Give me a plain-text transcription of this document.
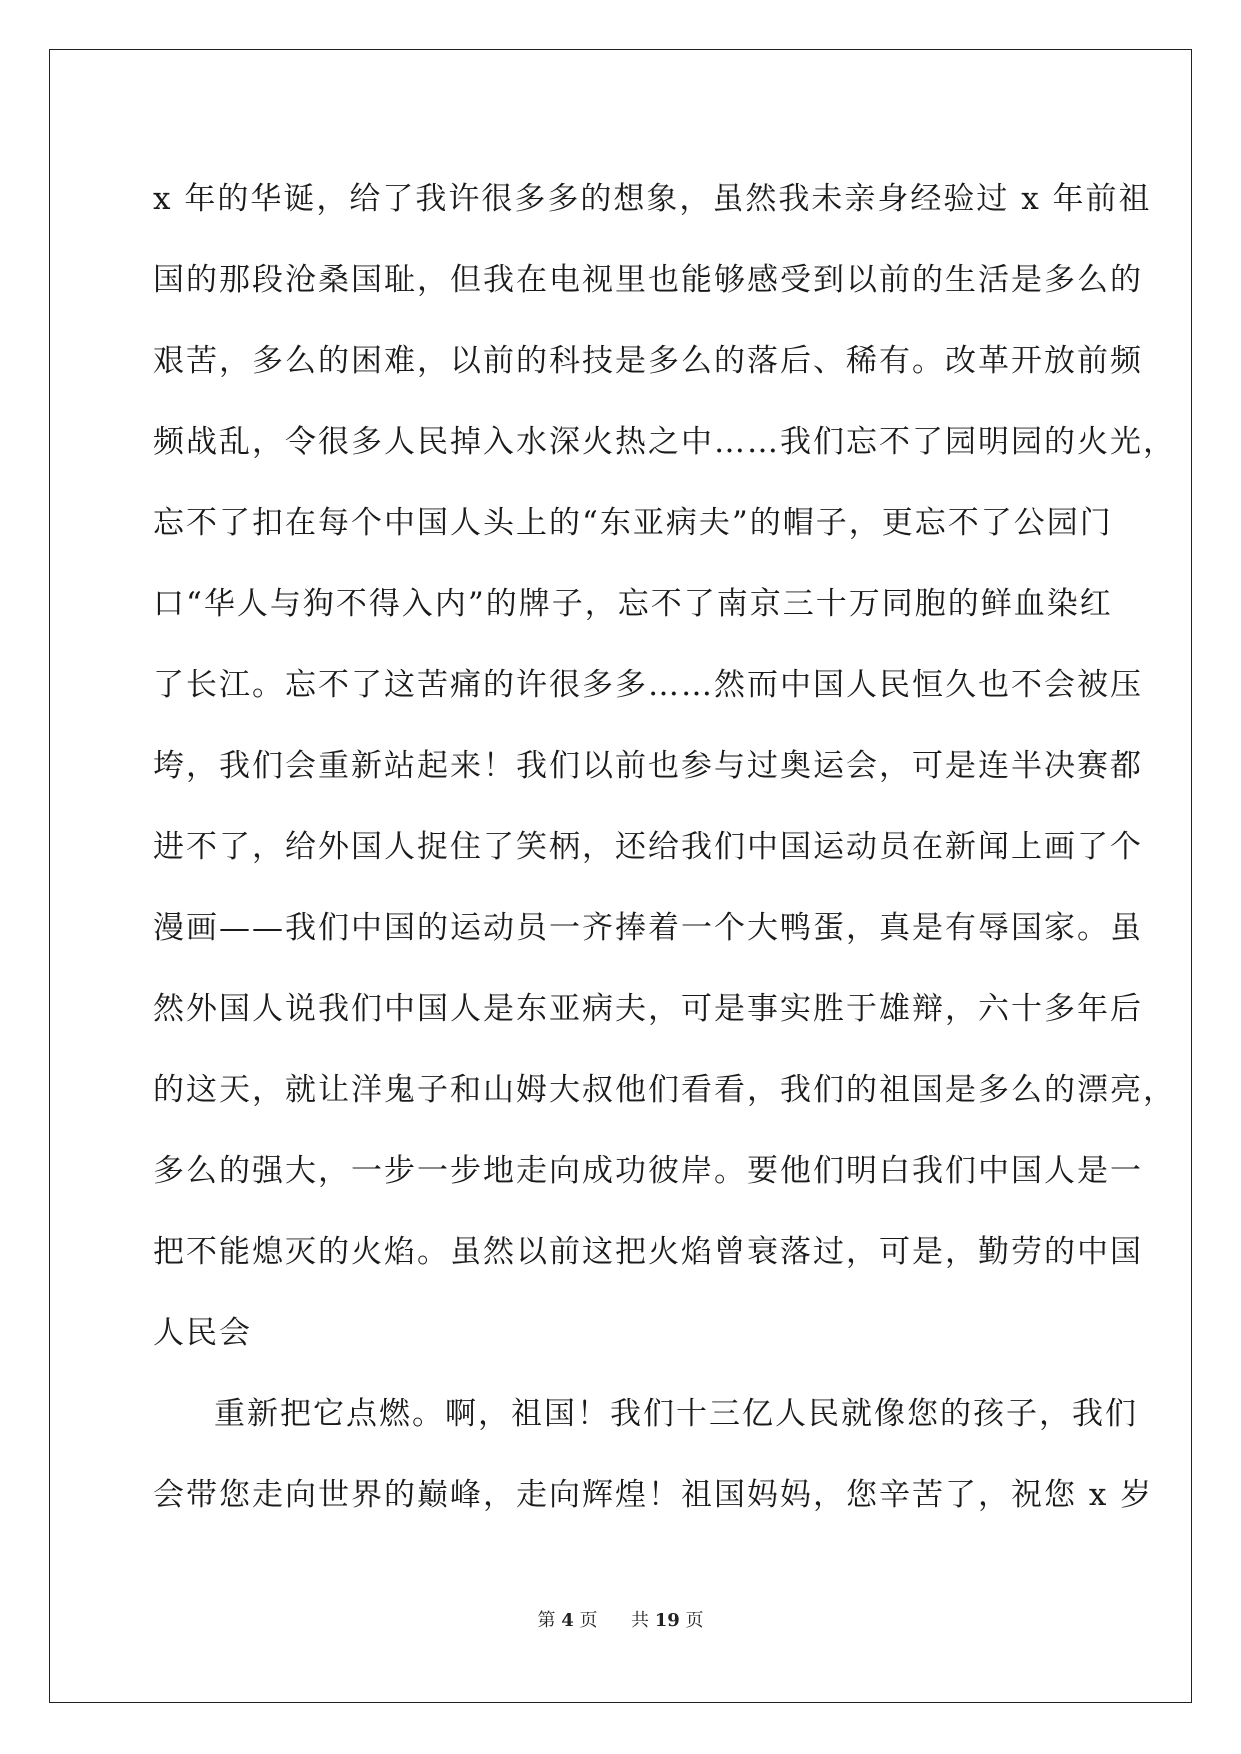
x 年的华诞，给了我许很多多的想象，虽然我未亲身经验过 x 年前祖
国的那段沧桑国耻，但我在电视里也能够感受到以前的生活是多么的
艰苦，多么的困难，以前的科技是多么的落后、稀有。改革开放前频
频战乱，令很多人民掉入水深火热之中……我们忘不了园明园的火光，
忘不了扣在每个中国人头上的“东亚病夫”的帽子，更忘不了公园门
口“华人与狗不得入内”的牌子，忘不了南京三十万同胞的鲜血染红
了长江。忘不了这苦痛的许很多多……然而中国人民恒久也不会被压
垮，我们会重新站起来！我们以前也参与过奥运会，可是连半决赛都
进不了，给外国人捉住了笑柄，还给我们中国运动员在新闻上画了个
漫画——我们中国的运动员一齐捧着一个大鸭蛋，真是有辱国家。虽
然外国人说我们中国人是东亚病夫，可是事实胜于雄辩，六十多年后
的这天，就让洋鬼子和山姆大叔他们看看，我们的祖国是多么的漂亮，
多么的强大，一步一步地走向成功彼岸。要他们明白我们中国人是一
把不能熄灭的火焰。虽然以前这把火焰曾衰落过，可是，勤劳的中国
人民会
重新把它点燃。啊，祖国！我们十三亿人民就像您的孩子，我们
会带您走向世界的巅峰，走向辉煌！祖国妈妈，您辛苦了，祝您 x 岁
第 4 页 共 19 页
